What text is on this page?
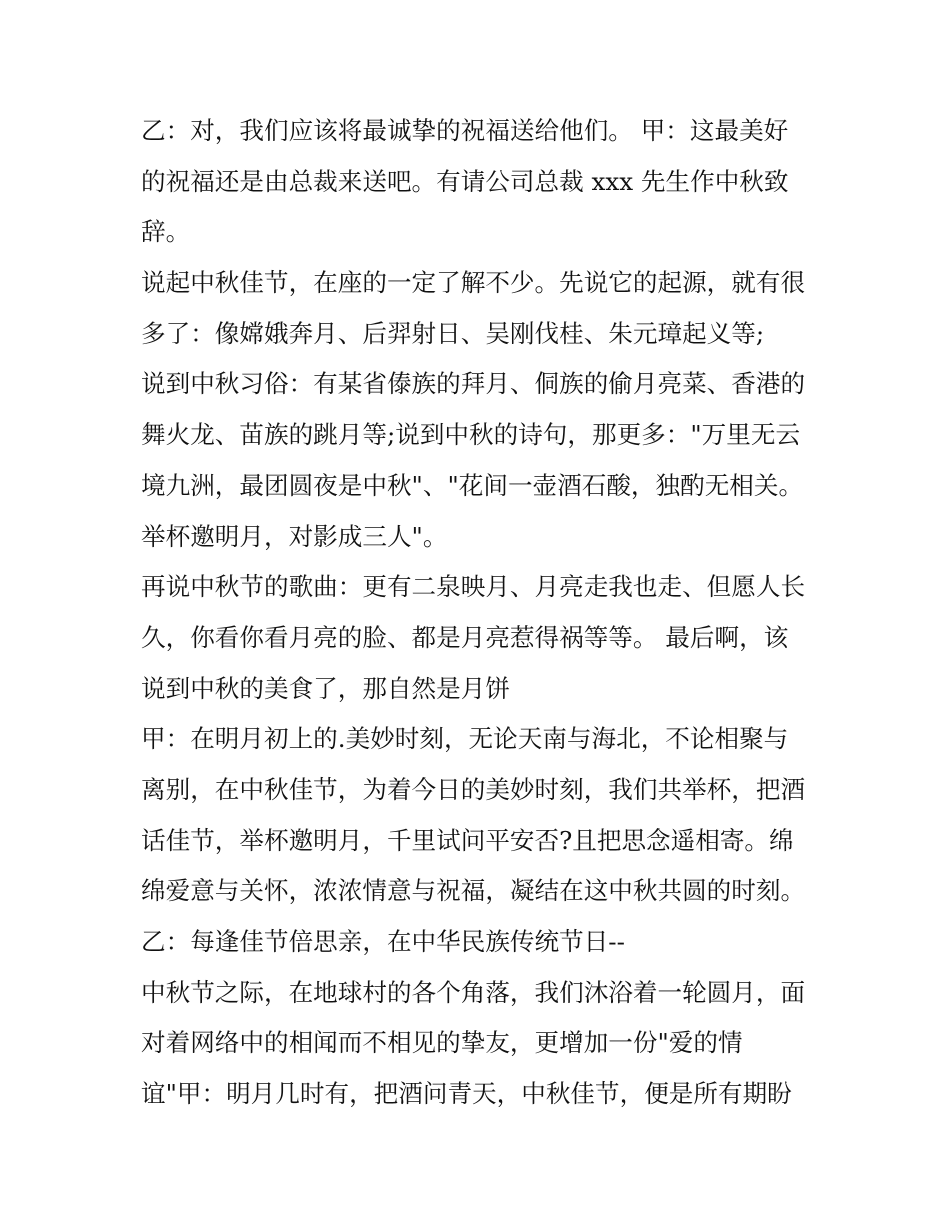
乙：对，我们应该将最诚挚的祝福送给他们。 甲：这最美好
的祝福还是由总裁来送吧。有请公司总裁 xxx 先生作中秋致
辞。
说起中秋佳节，在座的一定了解不少。先说它的起源，就有很
多了：像嫦娥奔月、后羿射日、吴刚伐桂、朱元璋起义等;
说到中秋习俗：有某省傣族的拜月、侗族的偷月亮菜、香港的
舞火龙、苗族的跳月等;说到中秋的诗句，那更多："万里无云
境九洲，最团圆夜是中秋"、"花间一壶酒石酸，独酌无相关。
举杯邀明月，对影成三人"。
再说中秋节的歌曲：更有二泉映月、月亮走我也走、但愿人长
久，你看你看月亮的脸、都是月亮惹得祸等等。 最后啊，该
说到中秋的美食了，那自然是月饼
甲：在明月初上的.美妙时刻，无论天南与海北，不论相聚与
离别，在中秋佳节，为着今日的美妙时刻，我们共举杯，把酒
话佳节，举杯邀明月，千里试问平安否?且把思念遥相寄。绵
绵爱意与关怀，浓浓情意与祝福，凝结在这中秋共圆的时刻。
乙：每逢佳节倍思亲，在中华民族传统节日--
中秋节之际，在地球村的各个角落，我们沐浴着一轮圆月，面
对着网络中的相闻而不相见的挚友，更增加一份"爱的情
谊"甲：明月几时有，把酒问青天，中秋佳节，便是所有期盼
